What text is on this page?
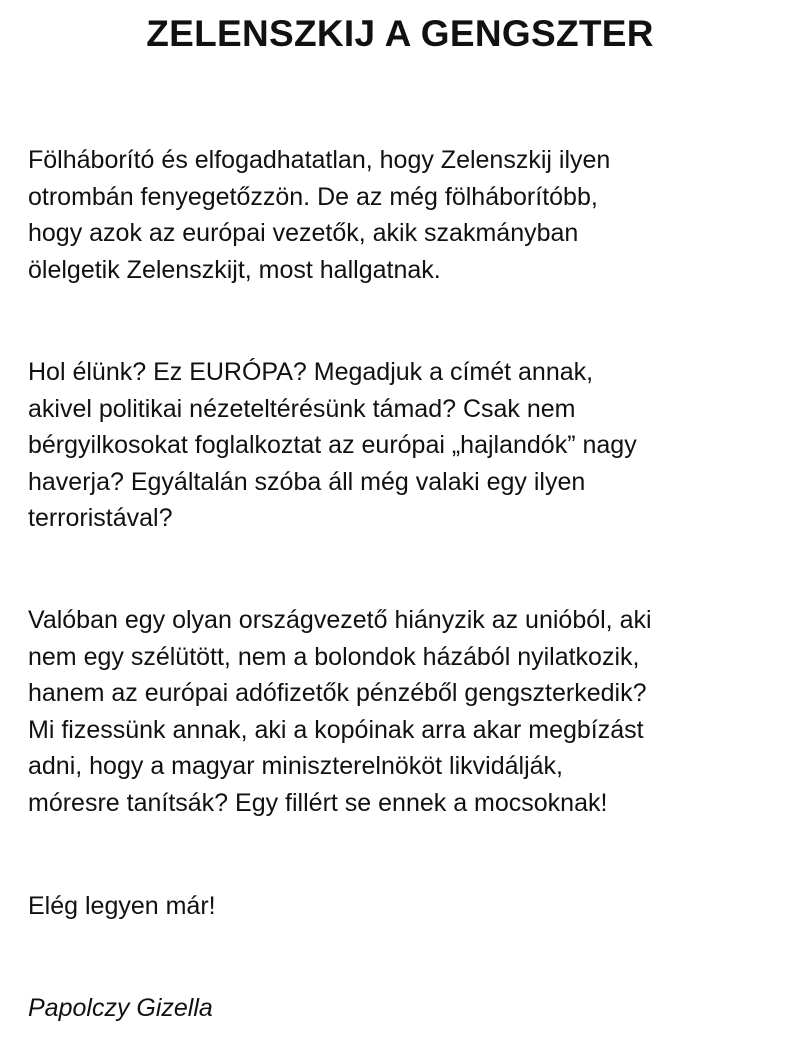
ZELENSZKIJ A GENGSZTER

Fölháborító és elfogadhatatlan, hogy Zelenszkij ilyen
otrombán fenyegetőzzön. De az még fölháborítóbb,
hogy azok az európai vezetők, akik szakmányban
ölelgetik Zelenszkijt, most hallgatnak.

Hol élünk? Ez EURÓPA? Megadjuk a címét annak,
akivel politikai nézeteltérésünk támad? Csak nem
bérgyilkosokat foglalkoztat az európai „hajlandók” nagy
haverja? Egyáltalán szóba áll még valaki egy ilyen
terroristával?

Valóban egy olyan országvezető hiányzik az unióból, aki
nem egy szélütött, nem a bolondok házából nyilatkozik,
hanem az európai adófizetők pénzéből gengszterkedik?
Mi fizessünk annak, aki a kopóinak arra akar megbízást
adni, hogy a magyar miniszterelnököt likvidálják,
móresre tanítsák? Egy fillért se ennek a mocsoknak!

Elég legyen már!

Papolczy Gizella
